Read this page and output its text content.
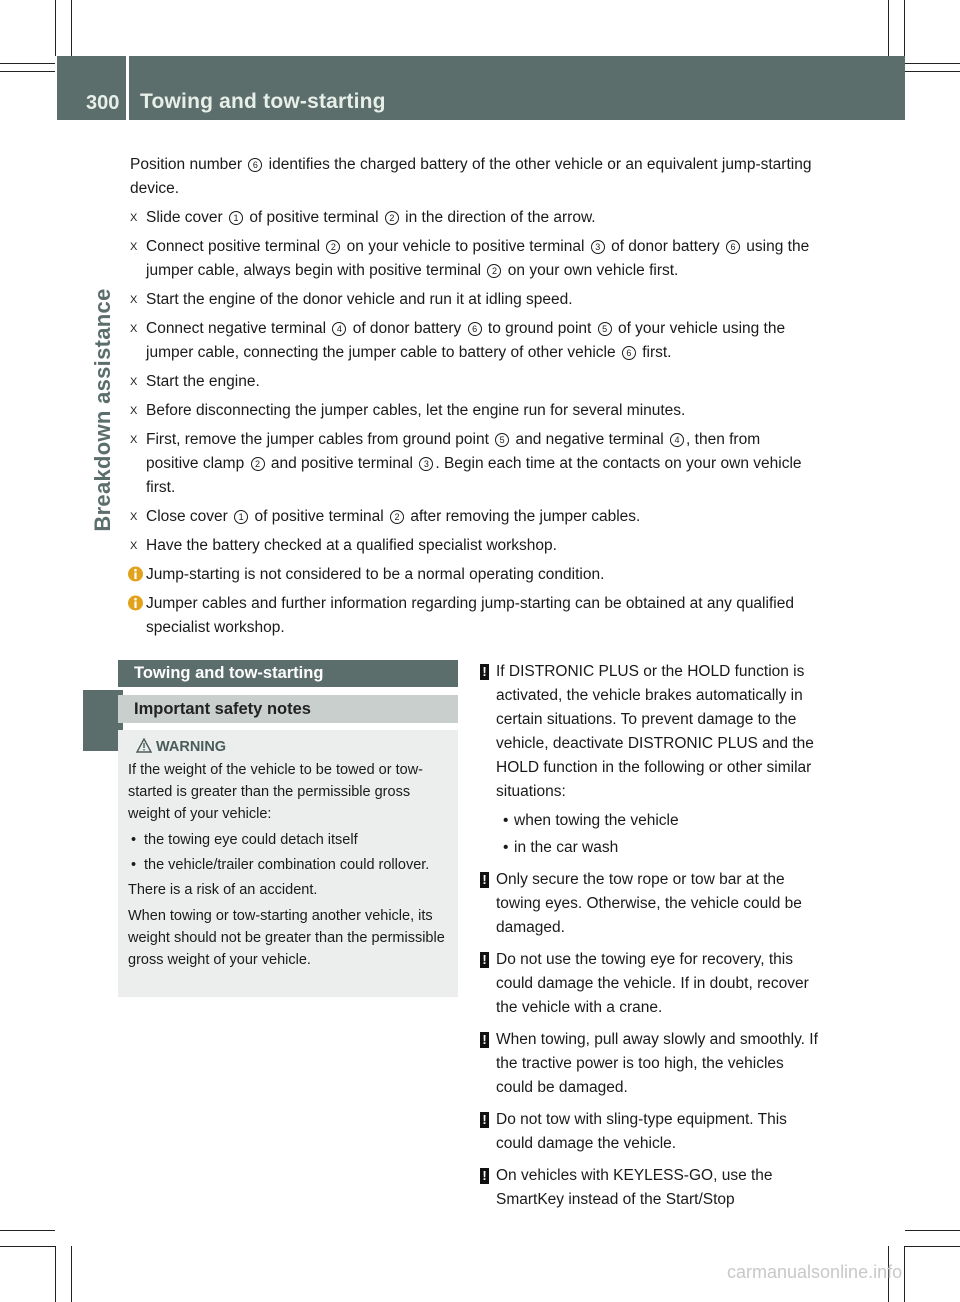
300 Towing and tow-starting
Breakdown assistance

Position number 6 identifies the charged battery of the other vehicle or an equivalent jump-starting device.

X Slide cover 1 of positive terminal 2 in the direction of the arrow.
X Connect positive terminal 2 on your vehicle to positive terminal 3 of donor battery 6 using the jumper cable, always begin with positive terminal 2 on your own vehicle first.
X Start the engine of the donor vehicle and run it at idling speed.
X Connect negative terminal 4 of donor battery 6 to ground point 5 of your vehicle using the jumper cable, connecting the jumper cable to battery of other vehicle 6 first.
X Start the engine.
X Before disconnecting the jumper cables, let the engine run for several minutes.
X First, remove the jumper cables from ground point 5 and negative terminal 4 , then from positive clamp 2 and positive terminal 3 . Begin each time at the contacts on your own vehicle first.
X Close cover 1 of positive terminal 2 after removing the jumper cables.
X Have the battery checked at a qualified specialist workshop.
Jump-starting is not considered to be a normal operating condition.
Jumper cables and further information regarding jump-starting can be obtained at any qualified specialist workshop.
Towing and tow-starting
Important safety notes
WARNING

If the weight of the vehicle to be towed or tow-started is greater than the permissible gross weight of your vehicle:

• the towing eye could detach itself
• the vehicle/trailer combination could rollover.

There is a risk of an accident.

When towing or tow-starting another vehicle, its weight should not be greater than the permissible gross weight of your vehicle.

! If DISTRONIC PLUS or the HOLD function is activated, the vehicle brakes automatically in certain situations. To prevent damage to the vehicle, deactivate DISTRONIC PLUS and the HOLD function in the following or other similar situations:
• when towing the vehicle
• in the car wash
! Only secure the tow rope or tow bar at the towing eyes. Otherwise, the vehicle could be damaged.
! Do not use the towing eye for recovery, this could damage the vehicle. If in doubt, recover the vehicle with a crane.
! When towing, pull away slowly and smoothly. If the tractive power is too high, the vehicles could be damaged.
! Do not tow with sling-type equipment. This could damage the vehicle.
! On vehicles with KEYLESS-GO, use the SmartKey instead of the Start/Stop
carmanualsonline.info
